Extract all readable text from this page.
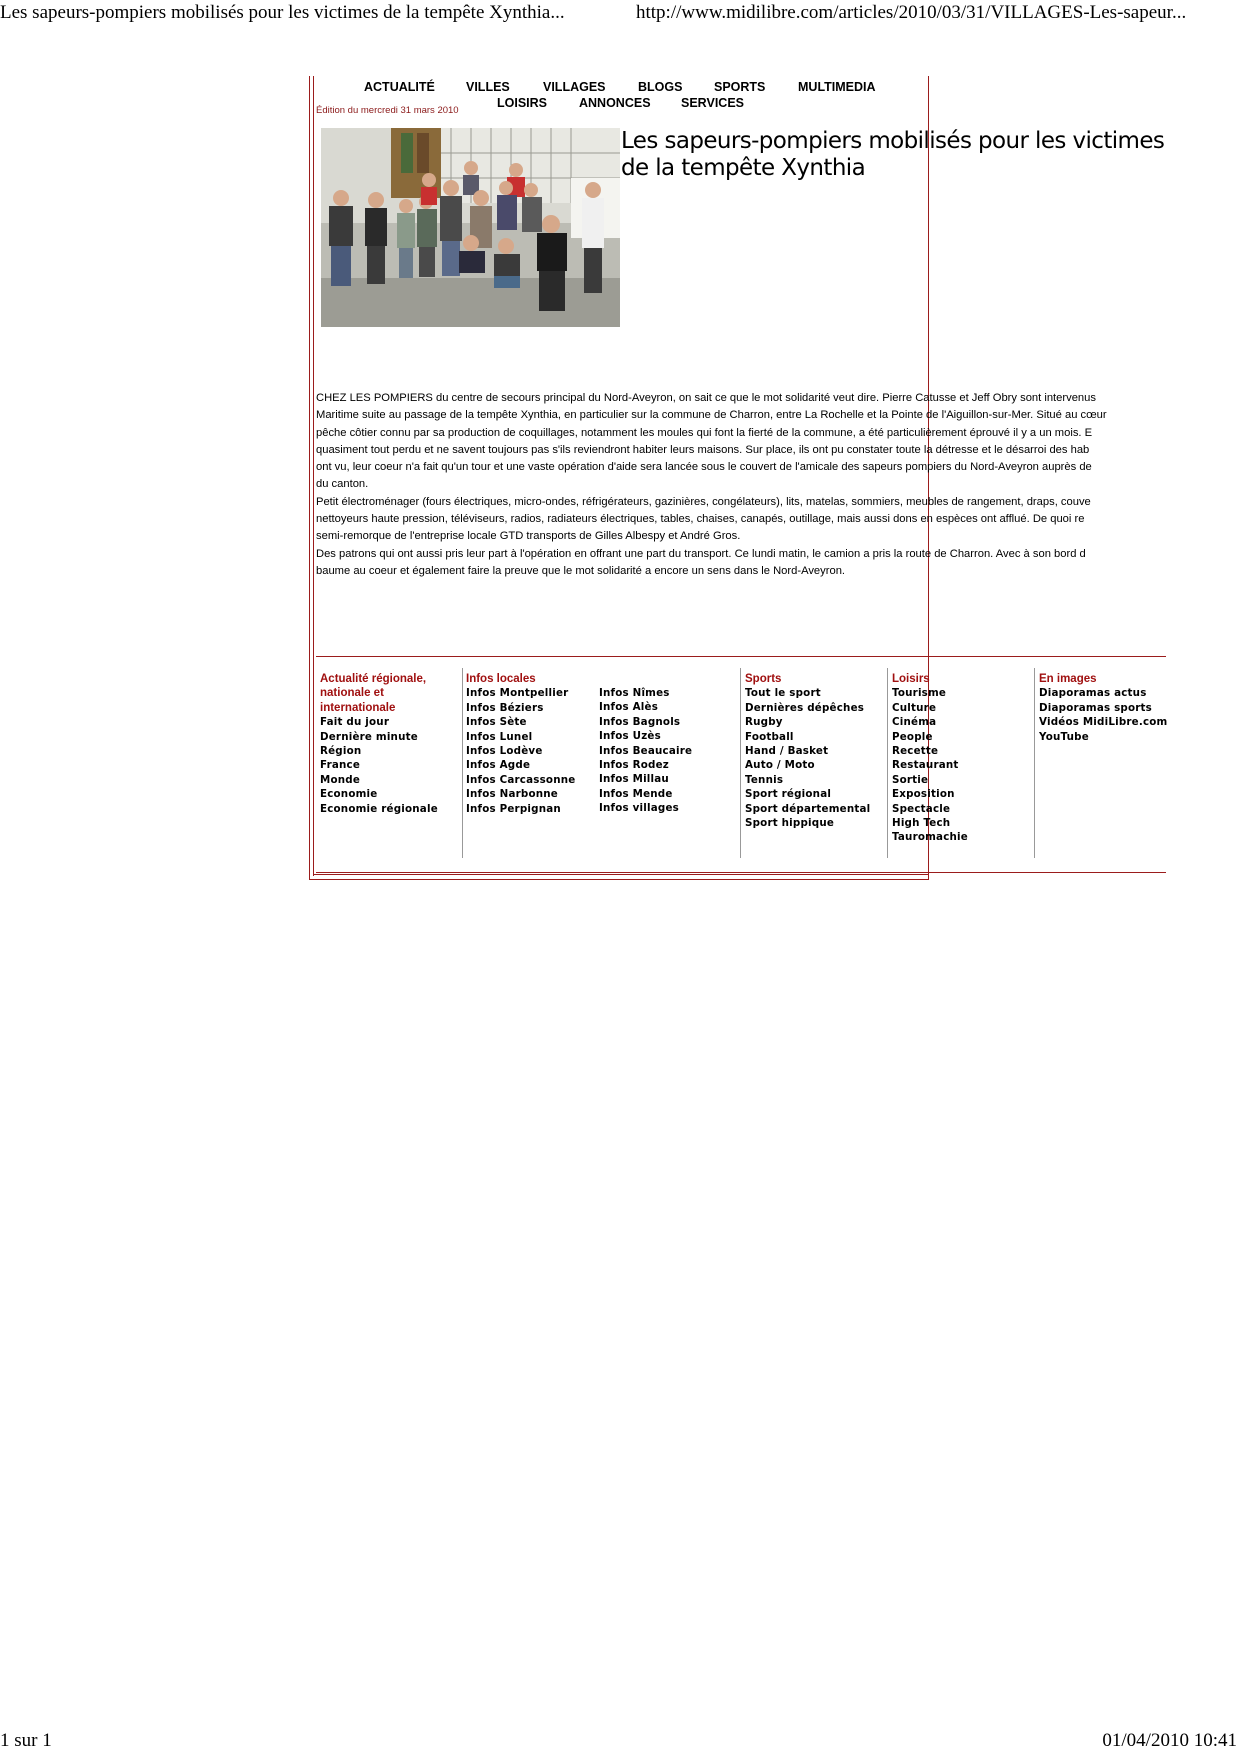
Les sapeurs-pompiers mobilisés pour les victimes de la tempête Xynthia...	http://www.midilibre.com/articles/2010/03/31/VILLAGES-Les-sapeur...
1 sur 1	01/04/2010 10:41
ACTUALITÉ VILLES	VILLAGES	BLOGS	SPORTS	MULTIMEDIA
LOISIRS	ANNONCES SERVICES
Édition du mercredi 31 mars 2010
Les sapeurs-pompiers mobilisés pour les victimes de la tempête Xynthia

CHEZ LES POMPIERS du centre de secours principal du Nord-Aveyron, on sait ce que le mot solidarité veut dire. Pierre Catusse et Jeff Obry sont intervenus

Maritime suite au passage de la tempête Xynthia, en particulier sur la commune de Charron, entre La Rochelle et la Pointe de l'Aiguillon-sur-Mer. Situé au cœur

pêche côtier connu par sa production de coquillages, notamment les moules qui font la fierté de la commune, a été particulièrement éprouvé il y a un mois. E

quasiment tout perdu et ne savent toujours pas s'ils reviendront habiter leurs maisons. Sur place, ils ont pu constater toute la détresse et le désarroi des hab

ont vu, leur coeur n'a fait qu'un tour et une vaste opération d'aide sera lancée sous le couvert de l'amicale des sapeurs pompiers du Nord-Aveyron auprès de

du canton.

Petit électroménager (fours électriques, micro-ondes, réfrigérateurs, gazinières, congélateurs), lits, matelas, sommiers, meubles de rangement, draps, couve

nettoyeurs haute pression, téléviseurs, radios, radiateurs électriques, tables, chaises, canapés, outillage, mais aussi dons en espèces ont afflué. De quoi re

semi-remorque de l'entreprise locale GTD transports de Gilles Albespy et André Gros.

Des patrons qui ont aussi pris leur part à l'opération en offrant une part du transport. Ce lundi matin, le camion a pris la route de Charron. Avec à son bord d

baume au coeur et également faire la preuve que le mot solidarité a encore un sens dans le Nord-Aveyron.

Actualité régionale, nationale et internationale
Fait du jour
Dernière minute
Région
France
Monde
Economie
Economie régionale
Infos locales
Infos Montpellier
Infos Béziers
Infos Sète
Infos Lunel
Infos Lodève
Infos Agde
Infos Carcassonne
Infos Narbonne
Infos Perpignan
Infos Nîmes
Infos Alès
Infos Bagnols
Infos Uzès
Infos Beaucaire
Infos Rodez
Infos Millau
Infos Mende
Infos villages
Sports
Tout le sport
Dernières dépêches
Rugby
Football
Hand / Basket
Auto / Moto
Tennis
Sport régional
Sport départemental
Sport hippique
Loisirs
Tourisme
Culture
Cinéma
People
Recette
Restaurant
Sortie
Exposition
Spectacle
High Tech
Tauromachie
En images
Diaporamas actus
Diaporamas sports
Vidéos MidiLibre.com
YouTube
